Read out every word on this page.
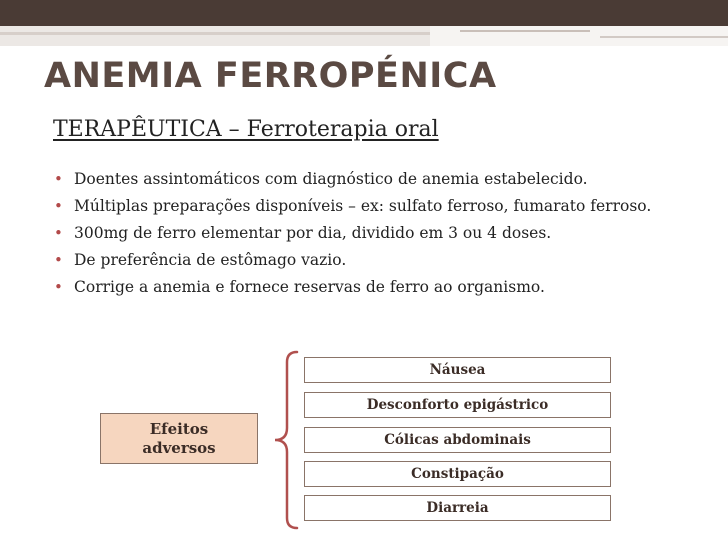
ANEMIA FERROPÉNICA
TERAPÊUTICA – Ferroterapia oral
• Doentes assintomáticos com diagnóstico de anemia estabelecido.
• Múltiplas preparações disponíveis – ex: sulfato ferroso, fumarato ferroso.
• 300mg de ferro elementar por dia, dividido em 3 ou 4 doses.
• De preferência de estômago vazio.
• Corrige a anemia e fornece reservas de ferro ao organismo.
Efeitos
adversos
Náusea
Desconforto epigástrico
Cólicas abdominais
Constipação
Diarreia
